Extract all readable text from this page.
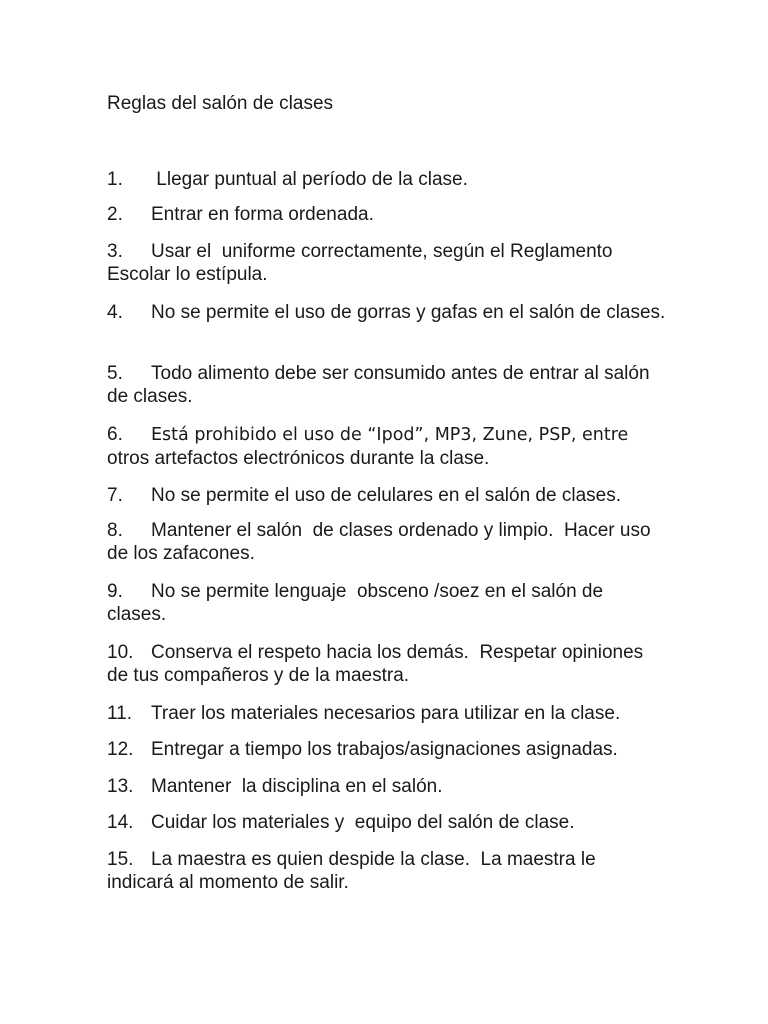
Reglas del salón de clases

1. Llegar puntual al período de la clase.

2. Entrar en forma ordenada.

3. Usar el  uniforme correctamente, según el Reglamento Escolar lo estípula.

4. No se permite el uso de gorras y gafas en el salón de clases.

5. Todo alimento debe ser consumido antes de entrar al salón de clases.

6. Está prohibido el uso de “Ipod”, MP3, Zune, PSP, entre otros artefactos electrónicos durante la clase.

7. No se permite el uso de celulares en el salón de clases.

8. Mantener el salón  de clases ordenado y limpio.  Hacer uso de los zafacones.

9. No se permite lenguaje  obsceno /soez en el salón de clases.

10. Conserva el respeto hacia los demás.  Respetar opiniones de tus compañeros y de la maestra.

11. Traer los materiales necesarios para utilizar en la clase.

12. Entregar a tiempo los trabajos/asignaciones asignadas.

13. Mantener  la disciplina en el salón.

14. Cuidar los materiales y  equipo del salón de clase.

15. La maestra es quien despide la clase.  La maestra le indicará al momento de salir.
